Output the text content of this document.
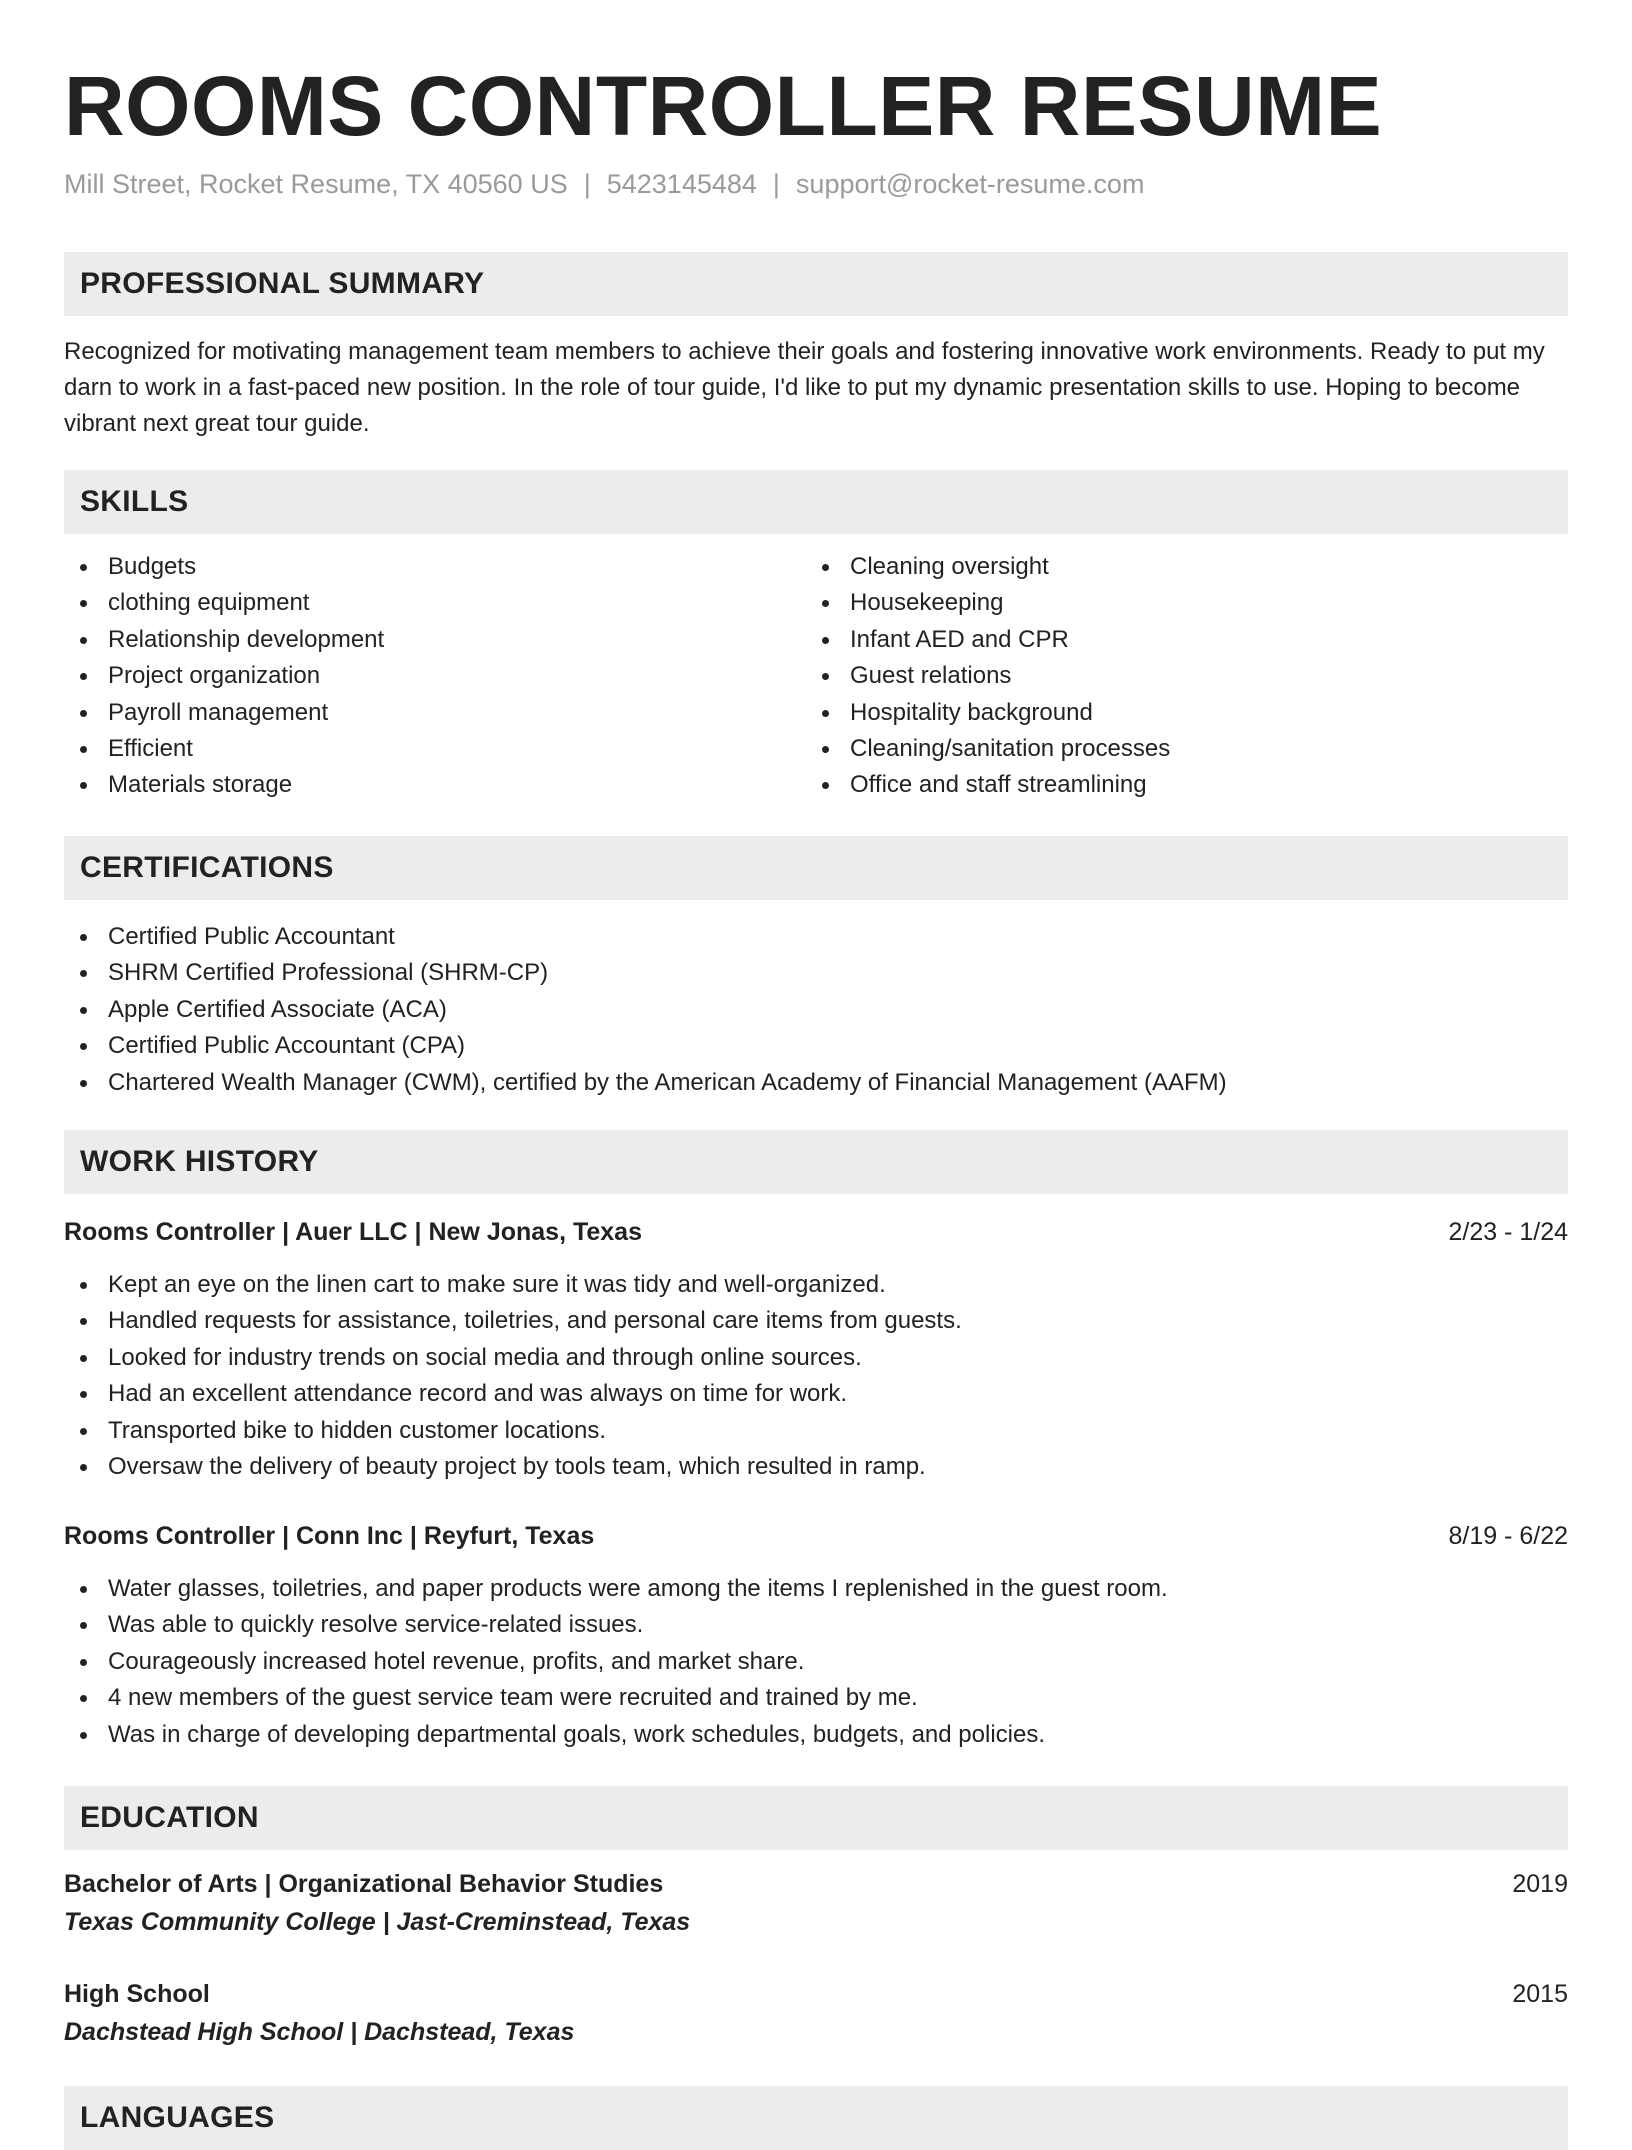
ROOMS CONTROLLER RESUME
Mill Street, Rocket Resume, TX 40560 US | 5423145484 | support@rocket-resume.com
PROFESSIONAL SUMMARY

Recognized for motivating management team members to achieve their goals and fostering innovative work environments. Ready to put my darn to work in a fast-paced new position. In the role of tour guide, I'd like to put my dynamic presentation skills to use. Hoping to become vibrant next great tour guide.

SKILLS
Budgets
clothing equipment
Relationship development
Project organization
Payroll management
Efficient
Materials storage
Cleaning oversight
Housekeeping
Infant AED and CPR
Guest relations
Hospitality background
Cleaning/sanitation processes
Office and staff streamlining
CERTIFICATIONS
Certified Public Accountant
SHRM Certified Professional (SHRM-CP)
Apple Certified Associate (ACA)
Certified Public Accountant (CPA)
Chartered Wealth Manager (CWM), certified by the American Academy of Financial Management (AAFM)
WORK HISTORY
Rooms Controller | Auer LLC | New Jonas, Texas	2/23 - 1/24
Kept an eye on the linen cart to make sure it was tidy and well-organized.
Handled requests for assistance, toiletries, and personal care items from guests.
Looked for industry trends on social media and through online sources.
Had an excellent attendance record and was always on time for work.
Transported bike to hidden customer locations.
Oversaw the delivery of beauty project by tools team, which resulted in ramp.
Rooms Controller | Conn Inc | Reyfurt, Texas	8/19 - 6/22
Water glasses, toiletries, and paper products were among the items I replenished in the guest room.
Was able to quickly resolve service-related issues.
Courageously increased hotel revenue, profits, and market share.
4 new members of the guest service team were recruited and trained by me.
Was in charge of developing departmental goals, work schedules, budgets, and policies.
EDUCATION
Bachelor of Arts | Organizational Behavior Studies	2019
Texas Community College | Jast-Creminstead, Texas
High School	2015
Dachstead High School | Dachstead, Texas
LANGUAGES
